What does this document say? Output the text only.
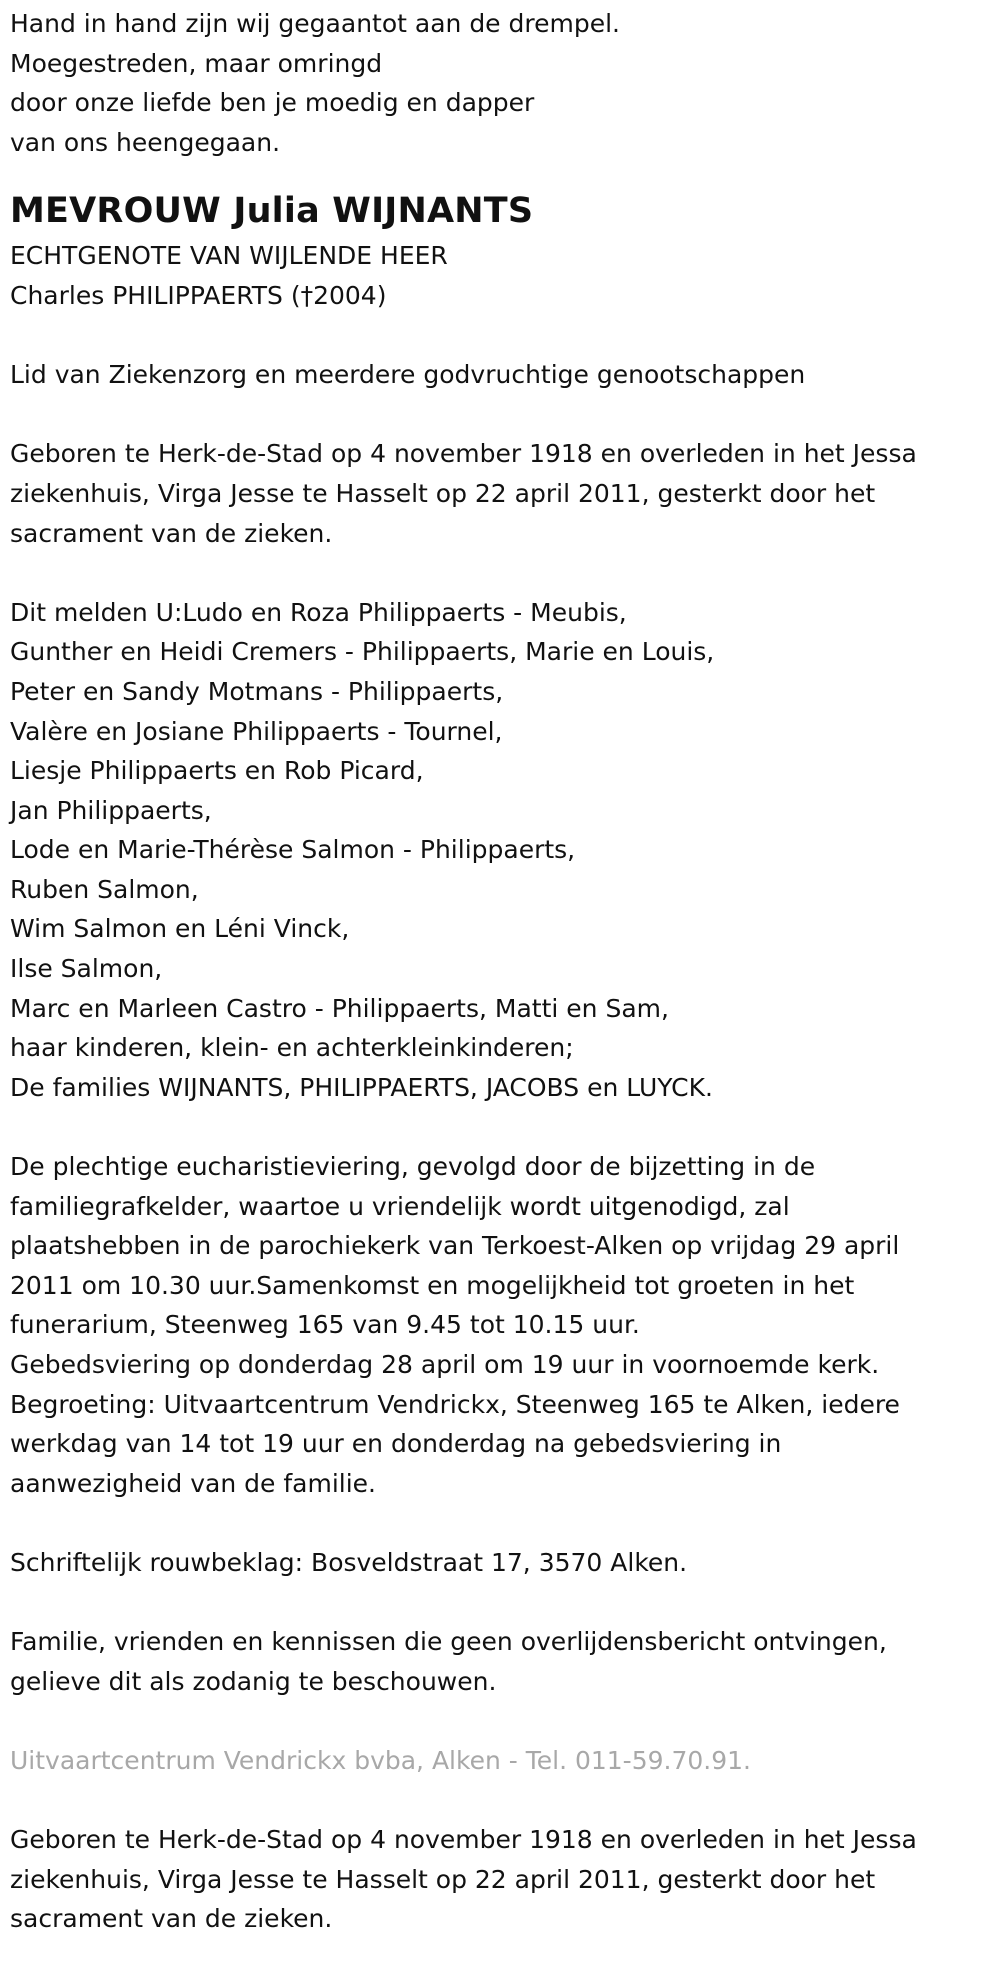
Hand in hand zijn wij gegaantot aan de drempel.
Moegestreden, maar omringd
door onze liefde ben je moedig en dapper
van ons heengegaan.
MEVROUW Julia WIJNANTS
ECHTGENOTE VAN WIJLENDE HEER
Charles PHILIPPAERTS (†2004)
Lid van Ziekenzorg en meerdere godvruchtige genootschappen
Geboren te Herk-de-Stad op 4 november 1918 en overleden in het Jessa
ziekenhuis, Virga Jesse te Hasselt op 22 april 2011, gesterkt door het
sacrament van de zieken.
Dit melden U:Ludo en Roza Philippaerts - Meubis,
Gunther en Heidi Cremers - Philippaerts, Marie en Louis,
Peter en Sandy Motmans - Philippaerts,
Valère en Josiane Philippaerts - Tournel,
Liesje Philippaerts en Rob Picard,
Jan Philippaerts,
Lode en Marie-Thérèse Salmon - Philippaerts,
Ruben Salmon,
Wim Salmon en Léni Vinck,
Ilse Salmon,
Marc en Marleen Castro - Philippaerts, Matti en Sam,
haar kinderen, klein- en achterkleinkinderen;
De families WIJNANTS, PHILIPPAERTS, JACOBS en LUYCK.
De plechtige eucharistieviering, gevolgd door de bijzetting in de
familiegrafkelder, waartoe u vriendelijk wordt uitgenodigd, zal
plaatshebben in de parochiekerk van Terkoest-Alken op vrijdag 29 april
2011 om 10.30 uur.Samenkomst en mogelijkheid tot groeten in het
funerarium, Steenweg 165 van 9.45 tot 10.15 uur.
Gebedsviering op donderdag 28 april om 19 uur in voornoemde kerk.
Begroeting: Uitvaartcentrum Vendrickx, Steenweg 165 te Alken, iedere
werkdag van 14 tot 19 uur en donderdag na gebedsviering in
aanwezigheid van de familie.
Schriftelijk rouwbeklag: Bosveldstraat 17, 3570 Alken.
Familie, vrienden en kennissen die geen overlijdensbericht ontvingen,
gelieve dit als zodanig te beschouwen.
Uitvaartcentrum Vendrickx bvba, Alken - Tel. 011-59.70.91.
Geboren te Herk-de-Stad op 4 november 1918 en overleden in het Jessa
ziekenhuis, Virga Jesse te Hasselt op 22 april 2011, gesterkt door het
sacrament van de zieken.
